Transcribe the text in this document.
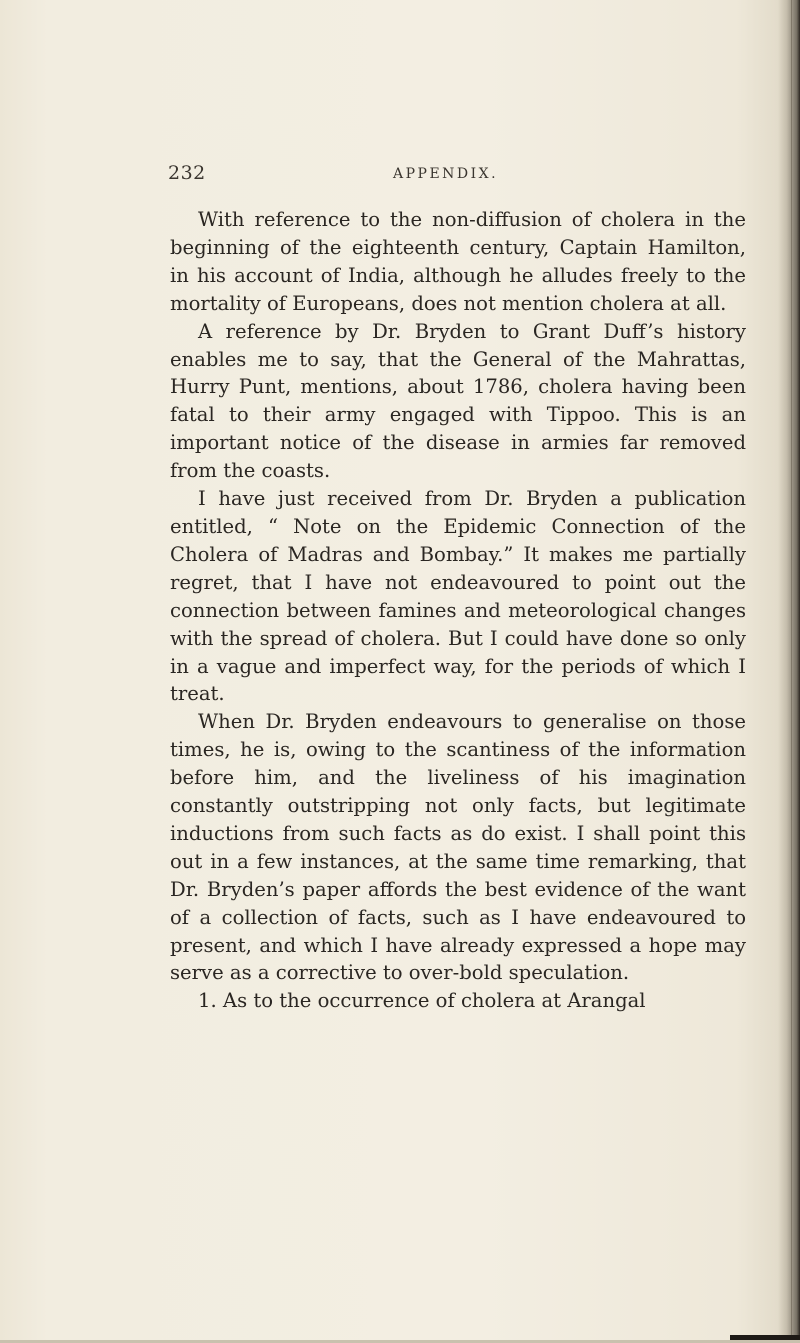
232	APPENDIX.

With reference to the non-diffusion of cholera in the beginning of the eighteenth century, Captain Hamilton, in his account of India, although he alludes freely to the mortality of Europeans, does not mention cholera at all.

A reference by Dr. Bryden to Grant Duff’s history enables me to say, that the General of the Mahrattas, Hurry Punt, mentions, about 1786, cholera having been fatal to their army engaged with Tippoo. This is an important notice of the disease in armies far removed from the coasts.

I have just received from Dr. Bryden a publication entitled, “ Note on the Epidemic Connection of the Cholera of Madras and Bombay.” It makes me partially regret, that I have not endeavoured to point out the connection between famines and meteorological changes with the spread of cholera. But I could have done so only in a vague and imperfect way, for the periods of which I treat.

When Dr. Bryden endeavours to generalise on those times, he is, owing to the scantiness of the information before him, and the liveliness of his imagination constantly outstripping not only facts, but legitimate inductions from such facts as do exist. I shall point this out in a few instances, at the same time remarking, that Dr. Bryden’s paper affords the best evidence of the want of a collection of facts, such as I have endeavoured to present, and which I have already expressed a hope may serve as a corrective to over-bold speculation.

1. As to the occurrence of cholera at Arangal
